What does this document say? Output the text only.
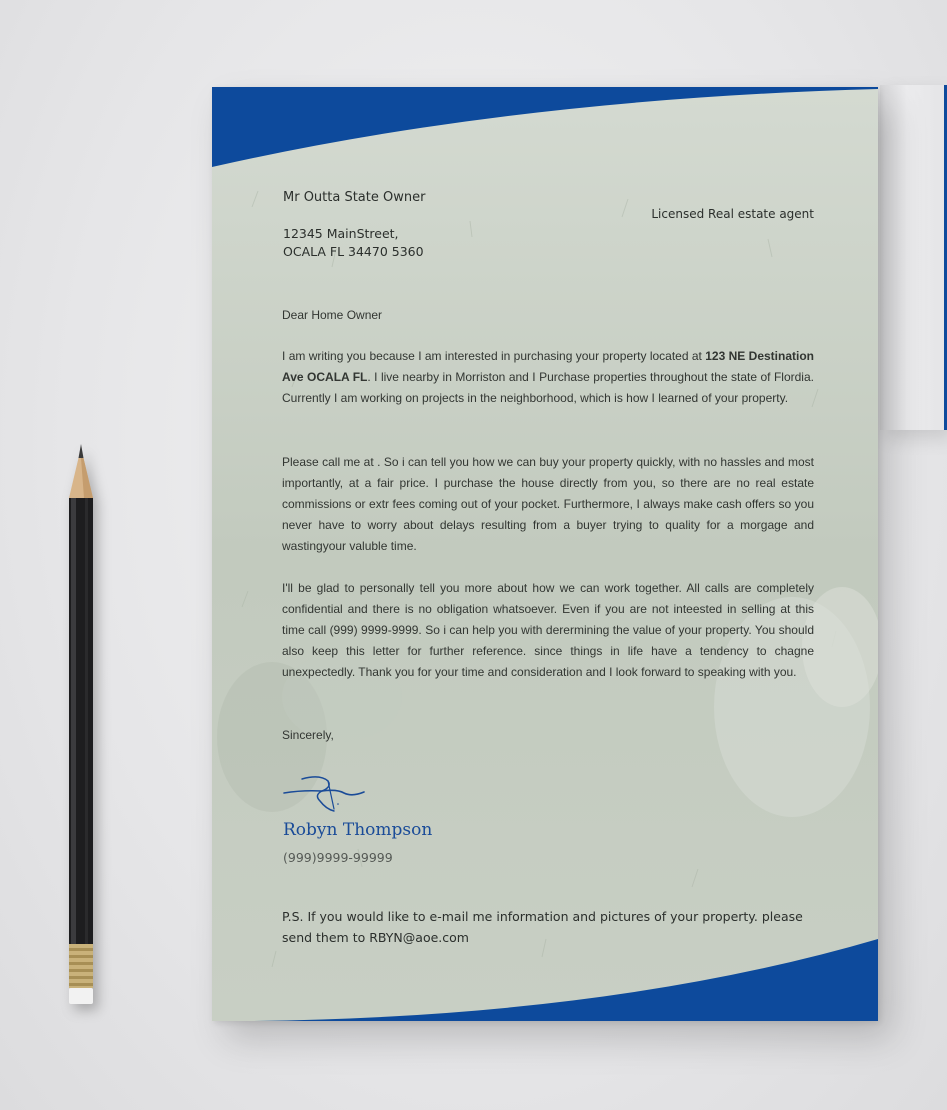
Mr Outta State Owner
Licensed Real estate agent
12345 MainStreet,
OCALA FL 34470 5360
Dear Home Owner

I am writing you because I am interested in purchasing your property located at 123 NE Destination Ave OCALA FL. I live nearby in Morriston and I Purchase properties throughout the state of Flordia. Currently I am working on projects in the neighborhood, which is how I learned of your property.

Please call me at . So i can tell you how we can buy your property quickly, with no hassles and most importantly, at a fair price. I purchase the house directly from you, so there are no real estate commissions or extr fees coming out of your pocket. Furthermore, I always make cash offers so you never have to worry about delays resulting from a buyer trying to quality for a morgage and wastingyour valuble time.

I'll be glad to personally tell you more about how we can work together. All calls are completely confidential and there is no obligation whatsoever. Even if you are not inteested in selling at this time call (999) 9999-9999. So i can help you with derermining the value of your property. You should also keep this letter for further reference. since things in life have a tendency to chagne unexpectedly. Thank you for your time and consideration and I look forward to speaking with you.

Sincerely,
Robyn Thompson
(999)9999-99999
P.S. If you would like to e-mail me information and pictures of your property. please send them to RBYN@aoe.com
